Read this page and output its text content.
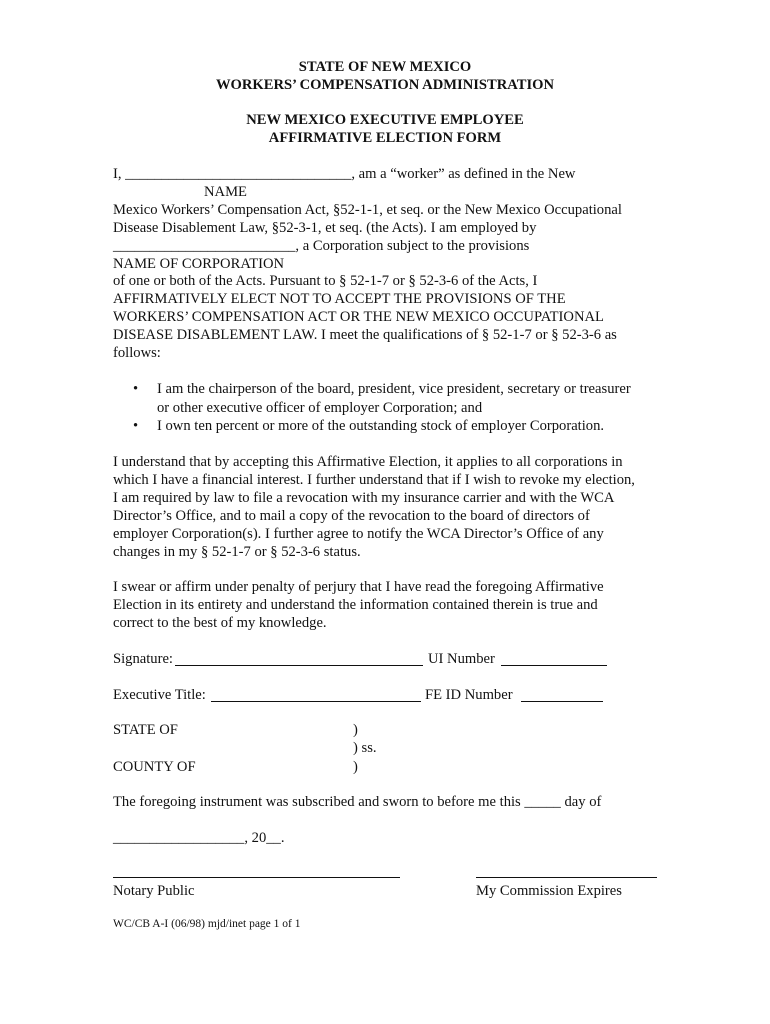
STATE OF NEW MEXICO
WORKERS’ COMPENSATION ADMINISTRATION
NEW MEXICO EXECUTIVE EMPLOYEE
AFFIRMATIVE ELECTION FORM
I, _______________________________, am a “worker” as defined in the New
NAME
Mexico Workers’ Compensation Act, §52-1-1, et seq. or the New Mexico Occupational
Disease Disablement Law, §52-3-1, et seq. (the Acts). I am employed by
_________________________, a Corporation subject to the provisions
NAME OF CORPORATION
of one or both of the Acts. Pursuant to § 52-1-7 or § 52-3-6 of the Acts, I
AFFIRMATIVELY ELECT NOT TO ACCEPT THE PROVISIONS OF THE
WORKERS’ COMPENSATION ACT OR THE NEW MEXICO OCCUPATIONAL
DISEASE DISABLEMENT LAW. I meet the qualifications of § 52-1-7 or § 52-3-6 as
follows:
• I am the chairperson of the board, president, vice president, secretary or treasurer
or other executive officer of employer Corporation; and
• I own ten percent or more of the outstanding stock of employer Corporation.
I understand that by accepting this Affirmative Election, it applies to all corporations in
which I have a financial interest. I further understand that if I wish to revoke my election,
I am required by law to file a revocation with my insurance carrier and with the WCA
Director’s Office, and to mail a copy of the revocation to the board of directors of
employer Corporation(s). I further agree to notify the WCA Director’s Office of any
changes in my § 52-1-7 or § 52-3-6 status.
I swear or affirm under penalty of perjury that I have read the foregoing Affirmative
Election in its entirety and understand the information contained therein is true and
correct to the best of my knowledge.
Signature:	UI Number
Executive Title:	FE ID Number
STATE OF	)
) ss.
COUNTY OF	)
The foregoing instrument was subscribed and sworn to before me this _____ day of
__________________, 20__.
Notary Public	My Commission Expires
WC/CB A-I (06/98) mjd/inet page 1 of 1
